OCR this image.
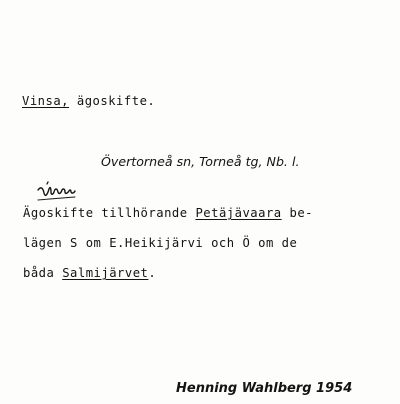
Vinsa, ägoskifte.
Övertorneå sn, Torneå tg, Nb. l.
vinsa
Ägoskifte tillhörande Petäjävaara be-
lägen S om E.Heikijärvi och Ö om de
båda Salmijärvet.
Henning Wahlberg 1954
